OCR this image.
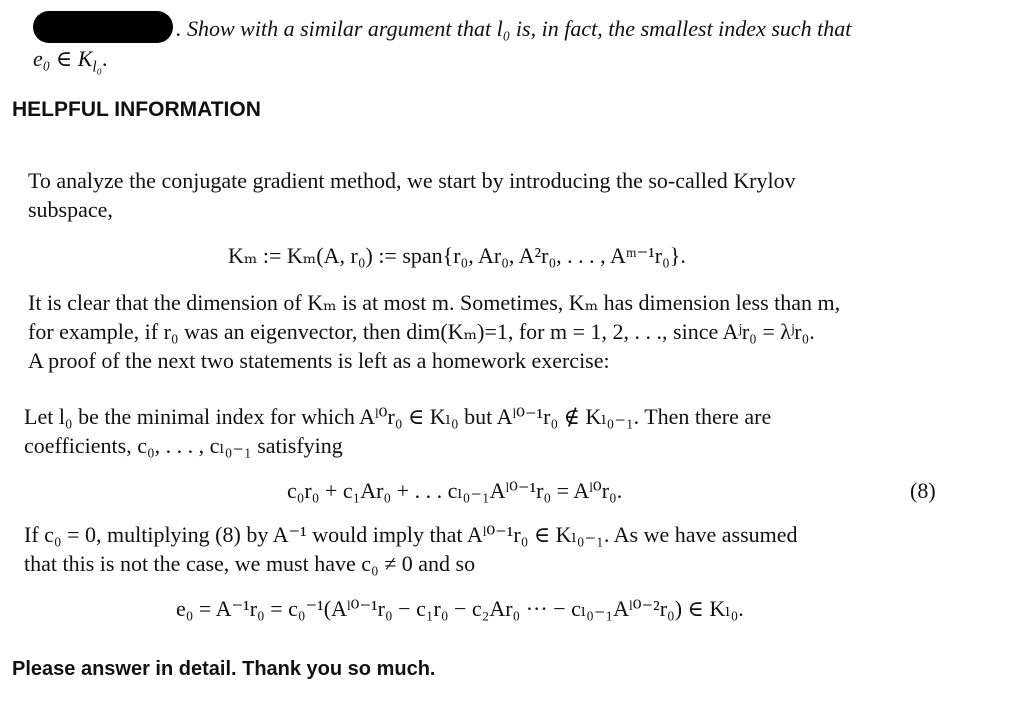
. Show with a similar argument that l₀ is, in fact, the smallest index such that
e₀ ∈ $K_{l_0}$.
HELPFUL INFORMATION
To analyze the conjugate gradient method, we start by introducing the so-called Krylov
subspace,
Kₘ := Kₘ(A, r₀) := span{r₀, Ar₀, A²r₀, . . . , Aᵐ⁻¹r₀}.
It is clear that the dimension of Kₘ is at most m. Sometimes, Kₘ has dimension less than m,
for example, if r₀ was an eigenvector, then dim(Kₘ)=1, for m = 1, 2, . . ., since Aʲr₀ = λʲr₀.
A proof of the next two statements is left as a homework exercise:
Let l₀ be the minimal index for which Aˡ⁰r₀ ∈ Kₗ₀ but Aˡ⁰⁻¹r₀ ∉ Kₗ₀₋₁. Then there are
coefficients, c₀, . . . , cₗ₀₋₁ satisfying
c₀r₀ + c₁Ar₀ + . . . cₗ₀₋₁Aˡ⁰⁻¹r₀ = Aˡ⁰r₀.	(8)
If c₀ = 0, multiplying (8) by A⁻¹ would imply that Aˡ⁰⁻¹r₀ ∈ Kₗ₀₋₁. As we have assumed
that this is not the case, we must have c₀ ≠ 0 and so
e₀ = A⁻¹r₀ = c₀⁻¹(Aˡ⁰⁻¹r₀ − c₁r₀ − c₂Ar₀ ··· − cₗ₀₋₁Aˡ⁰⁻²r₀) ∈ Kₗ₀.
Please answer in detail. Thank you so much.
